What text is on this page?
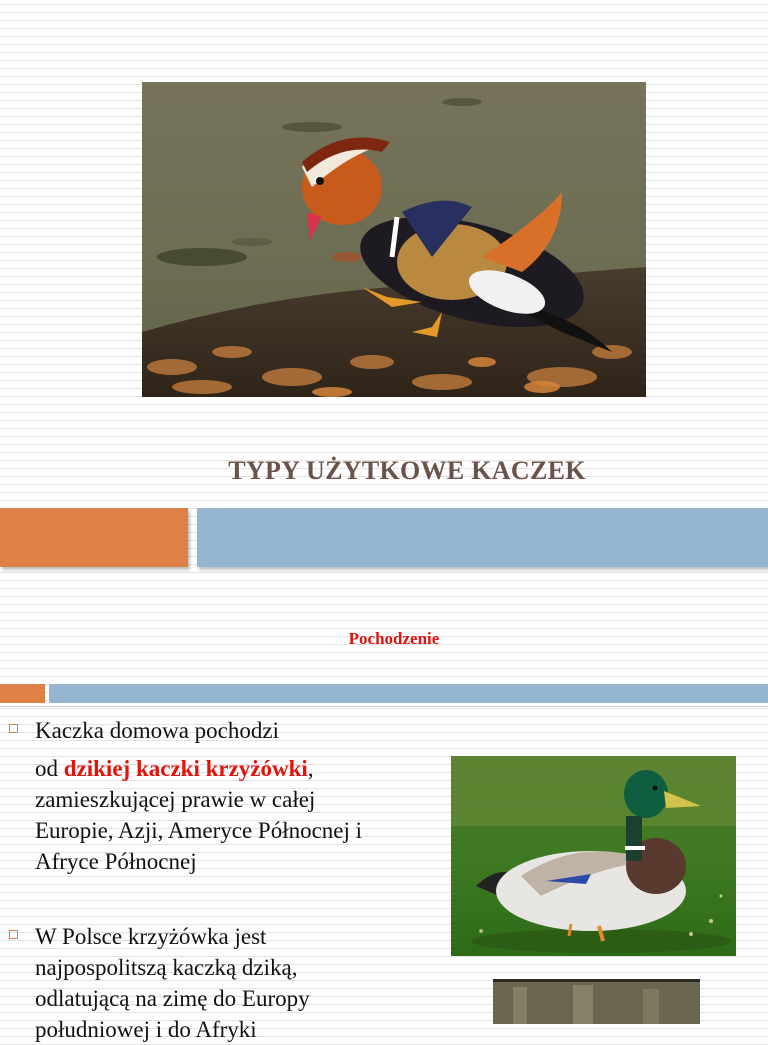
TYPY UŻYTKOWE KACZEK
Pochodzenie
Kaczka domowa pochodzi
od dzikiej kaczki krzyżówki,
zamieszkującej prawie w całej
Europie, Azji, Ameryce Północnej i
Afryce Północnej
W Polsce krzyżówka jest
najpospolitszą kaczką dziką,
odlatującą na zimę do Europy
południowej i do Afryki
